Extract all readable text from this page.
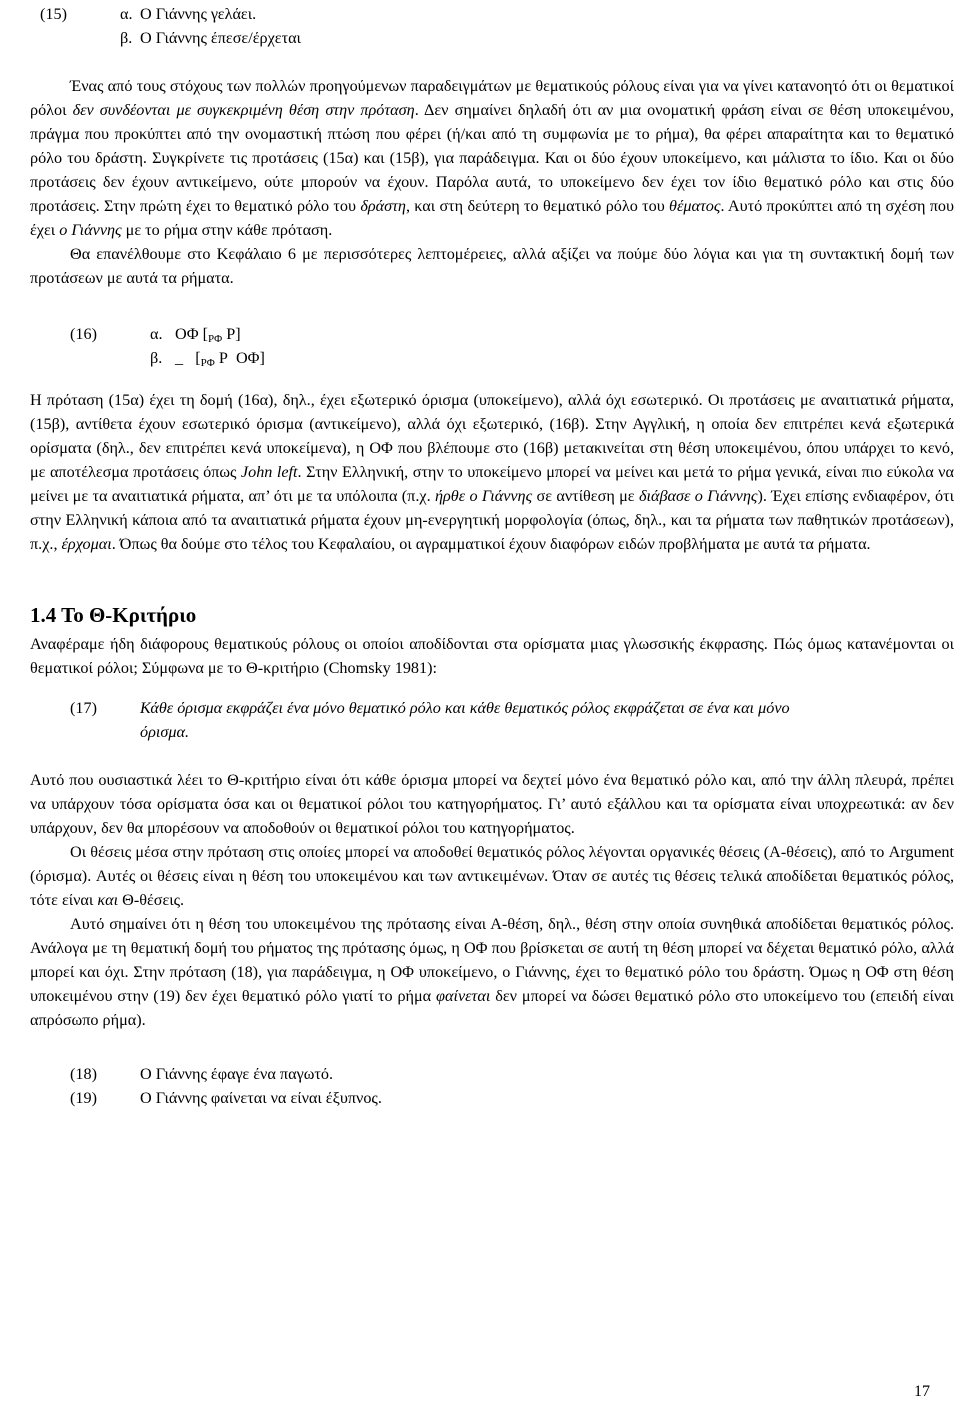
(15)	α. Ο Γιάννης γελάει.
β. Ο Γιάννης έπεσε/έρχεται

Ένας από τους στόχους των πολλών προηγούμενων παραδειγμάτων με θεματικούς ρόλους είναι για να γίνει κατανοητό ότι οι θεματικοί ρόλοι δεν συνδέονται με συγκεκριμένη θέση στην πρόταση. Δεν σημαίνει δηλαδή ότι αν μια ονοματική φράση είναι σε θέση υποκειμένου, πράγμα που προκύπτει από την ονομαστική πτώση που φέρει (ή/και από τη συμφωνία με το ρήμα), θα φέρει απαραίτητα και το θεματικό ρόλο του δράστη. Συγκρίνετε τις προτάσεις (15α) και (15β), για παράδειγμα. Και οι δύο έχουν υποκείμενο, και μάλιστα το ίδιο. Και οι δύο προτάσεις δεν έχουν αντικείμενο, ούτε μπορούν να έχουν. Παρόλα αυτά, το υποκείμενο δεν έχει τον ίδιο θεματικό ρόλο και στις δύο προτάσεις. Στην πρώτη έχει το θεματικό ρόλο του δράστη, και στη δεύτερη το θεματικό ρόλο του θέματος. Αυτό προκύπτει από τη σχέση που έχει ο Γιάννης με το ρήμα στην κάθε πρόταση.

Θα επανέλθουμε στο Κεφάλαιο 6 με περισσότερες λεπτομέρειες, αλλά αξίζει να πούμε δύο λόγια και για τη συντακτική δομή των προτάσεων με αυτά τα ρήματα.

(16)	α. ΟΦ [ΡΦ Ρ]
β. _   [ΡΦ Ρ  ΟΦ]

Η πρόταση (15α) έχει τη δομή (16α), δηλ., έχει εξωτερικό όρισμα (υποκείμενο), αλλά όχι εσωτερικό. Οι προτάσεις με αναιτιατικά ρήματα, (15β), αντίθετα έχουν εσωτερικό όρισμα (αντικείμενο), αλλά όχι εξωτερικό, (16β). Στην Αγγλική, η οποία δεν επιτρέπει κενά εξωτερικά ορίσματα (δηλ., δεν επιτρέπει κενά υποκείμενα), η ΟΦ που βλέπουμε στο (16β) μετακινείται στη θέση υποκειμένου, όπου υπάρχει το κενό, με αποτέλεσμα προτάσεις όπως John left. Στην Ελληνική, στην το υποκείμενο μπορεί να μείνει και μετά το ρήμα γενικά, είναι πιο εύκολα να μείνει με τα αναιτιατικά ρήματα, απ’ ότι με τα υπόλοιπα (π.χ. ήρθε ο Γιάννης σε αντίθεση με διάβασε ο Γιάννης). Έχει επίσης ενδιαφέρον, ότι στην Ελληνική κάποια από τα αναιτιατικά ρήματα έχουν μη-ενεργητική μορφολογία (όπως, δηλ., και τα ρήματα των παθητικών προτάσεων), π.χ., έρχομαι. Όπως θα δούμε στο τέλος του Κεφαλαίου, οι αγραμματικοί έχουν διαφόρων ειδών προβλήματα με αυτά τα ρήματα.

1.4 Το Θ-Κριτήριο

Αναφέραμε ήδη διάφορους θεματικούς ρόλους οι οποίοι αποδίδονται στα ορίσματα μιας γλωσσικής έκφρασης. Πώς όμως κατανέμονται οι θεματικοί ρόλοι; Σύμφωνα με το Θ-κριτήριο (Chomsky 1981):

(17)	Κάθε όρισμα εκφράζει ένα μόνο θεματικό ρόλο και κάθε θεματικός ρόλος εκφράζεται σε ένα και μόνο όρισμα.

Αυτό που ουσιαστικά λέει το Θ-κριτήριο είναι ότι κάθε όρισμα μπορεί να δεχτεί μόνο ένα θεματικό ρόλο και, από την άλλη πλευρά, πρέπει να υπάρχουν τόσα ορίσματα όσα και οι θεματικοί ρόλοι του κατηγορήματος. Γι’ αυτό εξάλλου και τα ορίσματα είναι υποχρεωτικά: αν δεν υπάρχουν, δεν θα μπορέσουν να αποδοθούν οι θεματικοί ρόλοι του κατηγορήματος.

Οι θέσεις μέσα στην πρόταση στις οποίες μπορεί να αποδοθεί θεματικός ρόλος λέγονται οργανικές θέσεις (Α-θέσεις), από το Argument (όρισμα). Αυτές οι θέσεις είναι η θέση του υποκειμένου και των αντικειμένων. Όταν σε αυτές τις θέσεις τελικά αποδίδεται θεματικός ρόλος, τότε είναι και Θ-θέσεις.

Αυτό σημαίνει ότι η θέση του υποκειμένου της πρότασης είναι Α-θέση, δηλ., θέση στην οποία συνηθικά αποδίδεται θεματικός ρόλος. Ανάλογα με τη θεματική δομή του ρήματος της πρότασης όμως, η ΟΦ που βρίσκεται σε αυτή τη θέση μπορεί να δέχεται θεματικό ρόλο, αλλά μπορεί και όχι. Στην πρόταση (18), για παράδειγμα, η ΟΦ υποκείμενο, ο Γιάννης, έχει το θεματικό ρόλο του δράστη. Όμως η ΟΦ στη θέση υποκειμένου στην (19) δεν έχει θεματικό ρόλο γιατί το ρήμα φαίνεται δεν μπορεί να δώσει θεματικό ρόλο στο υποκείμενο του (επειδή είναι απρόσωπο ρήμα).

(18)	Ο Γιάννης έφαγε ένα παγωτό.
(19)	Ο Γιάννης φαίνεται να είναι έξυπνος.
17
